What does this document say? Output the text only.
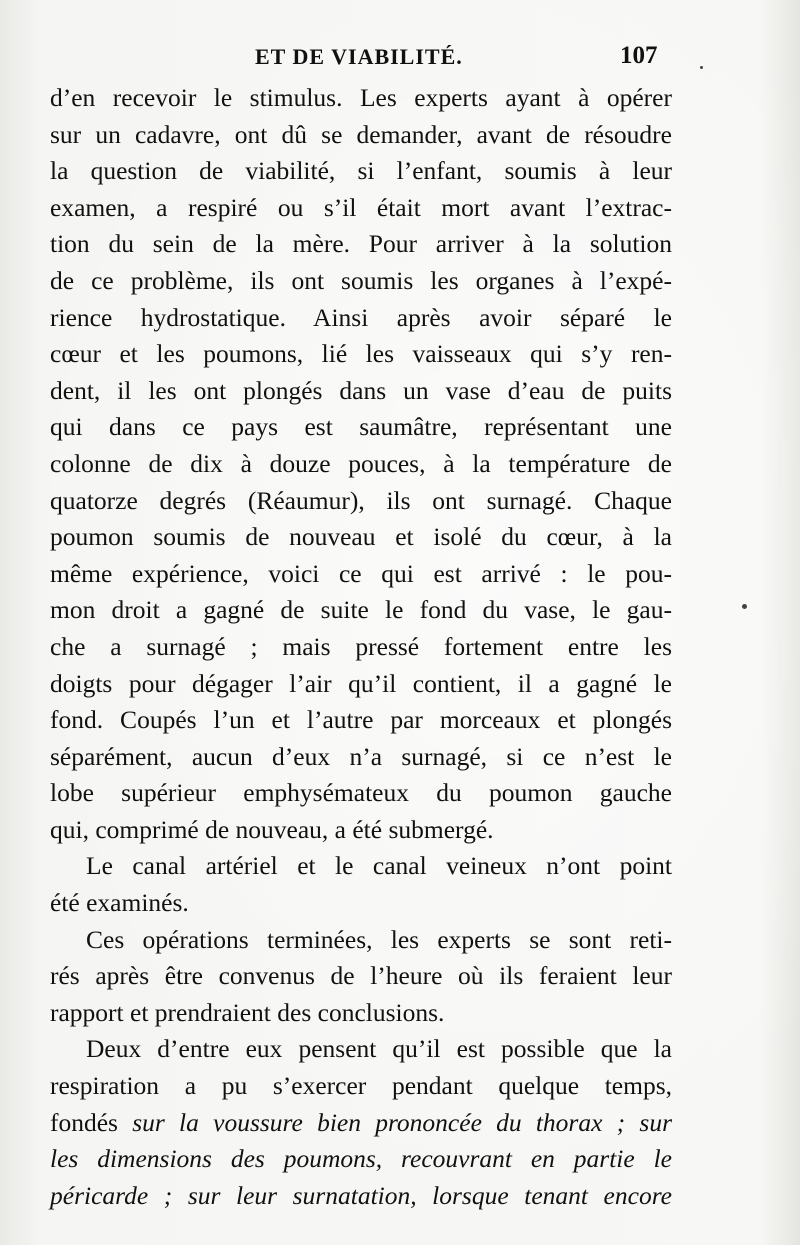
ET DE VIABILITÉ.	107
d’en recevoir le stimulus. Les experts ayant à opérer
sur un cadavre, ont dû se demander, avant de résoudre
la question de viabilité, si l’enfant, soumis à leur
examen, a respiré ou s’il était mort avant l’extrac-
tion du sein de la mère. Pour arriver à la solution
de ce problème, ils ont soumis les organes à l’expé-
rience hydrostatique. Ainsi après avoir séparé le
cœur et les poumons, lié les vaisseaux qui s’y ren-
dent, il les ont plongés dans un vase d’eau de puits
qui dans ce pays est saumâtre, représentant une
colonne de dix à douze pouces, à la température de
quatorze degrés (Réaumur), ils ont surnagé. Chaque
poumon soumis de nouveau et isolé du cœur, à la
même expérience, voici ce qui est arrivé : le pou-
mon droit a gagné de suite le fond du vase, le gau-
che a surnagé ; mais pressé fortement entre les
doigts pour dégager l’air qu’il contient, il a gagné le
fond. Coupés l’un et l’autre par morceaux et plongés
séparément, aucun d’eux n’a surnagé, si ce n’est le
lobe supérieur emphysémateux du poumon gauche
qui, comprimé de nouveau, a été submergé.
Le canal artériel et le canal veineux n’ont point
été examinés.
Ces opérations terminées, les experts se sont reti-
rés après être convenus de l’heure où ils feraient leur
rapport et prendraient des conclusions.
Deux d’entre eux pensent qu’il est possible que la
respiration a pu s’exercer pendant quelque temps,
fondés sur la voussure bien prononcée du thorax ; sur
les dimensions des poumons, recouvrant en partie le
péricarde ; sur leur surnatation, lorsque tenant encore
